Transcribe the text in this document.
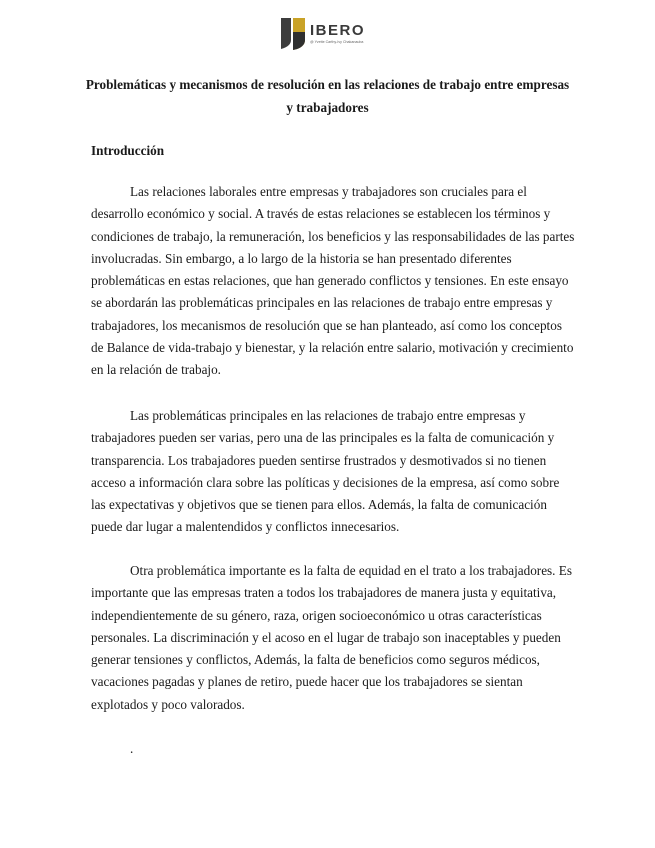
IBERO
@ Yvette Carthy-Ivy Chakanauba
Problemáticas y mecanismos de resolución en las relaciones de trabajo entre empresas y trabajadores
Introducción

Las relaciones laborales entre empresas y trabajadores son cruciales para el desarrollo económico y social. A través de estas relaciones se establecen los términos y condiciones de trabajo, la remuneración, los beneficios y las responsabilidades de las partes involucradas. Sin embargo, a lo largo de la historia se han presentado diferentes problemáticas en estas relaciones, que han generado conflictos y tensiones. En este ensayo se abordarán las problemáticas principales en las relaciones de trabajo entre empresas y trabajadores, los mecanismos de resolución que se han planteado, así como los conceptos de Balance de vida-trabajo y bienestar, y la relación entre salario, motivación y crecimiento en la relación de trabajo.

Las problemáticas principales en las relaciones de trabajo entre empresas y trabajadores pueden ser varias, pero una de las principales es la falta de comunicación y transparencia. Los trabajadores pueden sentirse frustrados y desmotivados si no tienen acceso a información clara sobre las políticas y decisiones de la empresa, así como sobre las expectativas y objetivos que se tienen para ellos. Además, la falta de comunicación puede dar lugar a malentendidos y conflictos innecesarios.

Otra problemática importante es la falta de equidad en el trato a los trabajadores. Es importante que las empresas traten a todos los trabajadores de manera justa y equitativa, independientemente de su género, raza, origen socioeconómico u otras características personales. La discriminación y el acoso en el lugar de trabajo son inaceptables y pueden generar tensiones y conflictos, Además, la falta de beneficios como seguros médicos, vacaciones pagadas y planes de retiro, puede hacer que los trabajadores se sientan explotados y poco valorados.

.
